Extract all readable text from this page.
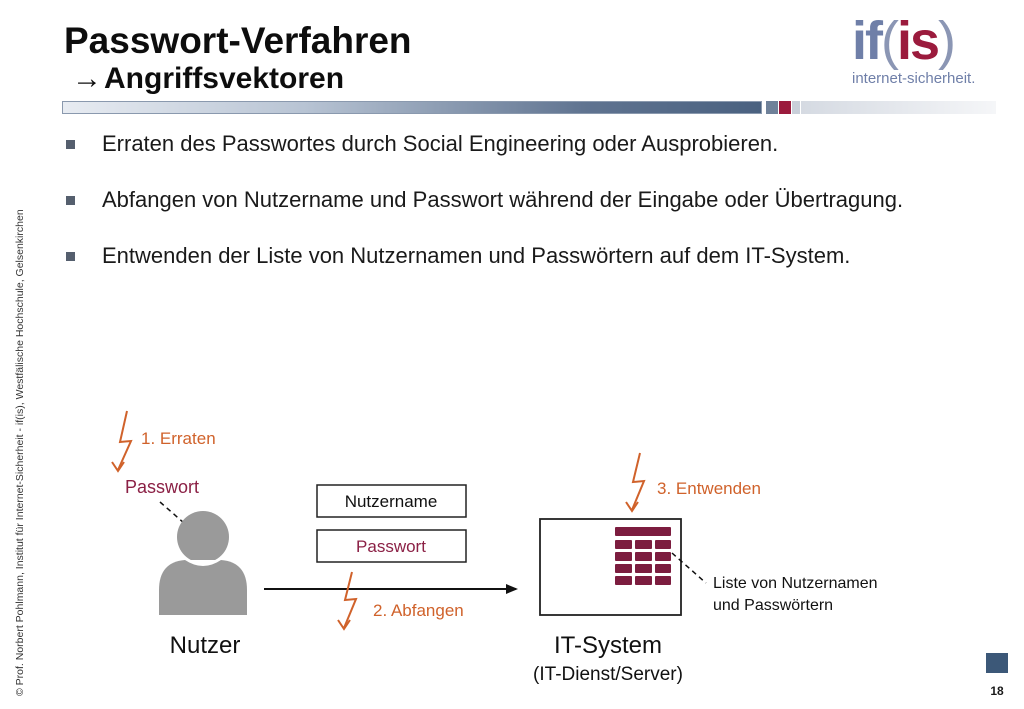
Passwort-Verfahren
→Angriffsvektoren
if(is)
internet-sicherheit.
Erraten des Passwortes durch Social Engineering oder Ausprobieren.
Abfangen von Nutzername und Passwort während der Eingabe oder Übertragung.
Entwenden der Liste von Nutzernamen und Passwörtern auf dem IT-System.
1. Erraten
Passwort
Nutzer
Nutzername
Passwort
2. Abfangen
Liste von Nutzernamen
und Passwörtern
3. Entwenden
IT-System
(IT-Dienst/Server)
© Prof. Norbert Pohlmann, Institut für Internet-Sicherheit - if(is), Westfälische Hochschule, Gelsenkirchen	18
